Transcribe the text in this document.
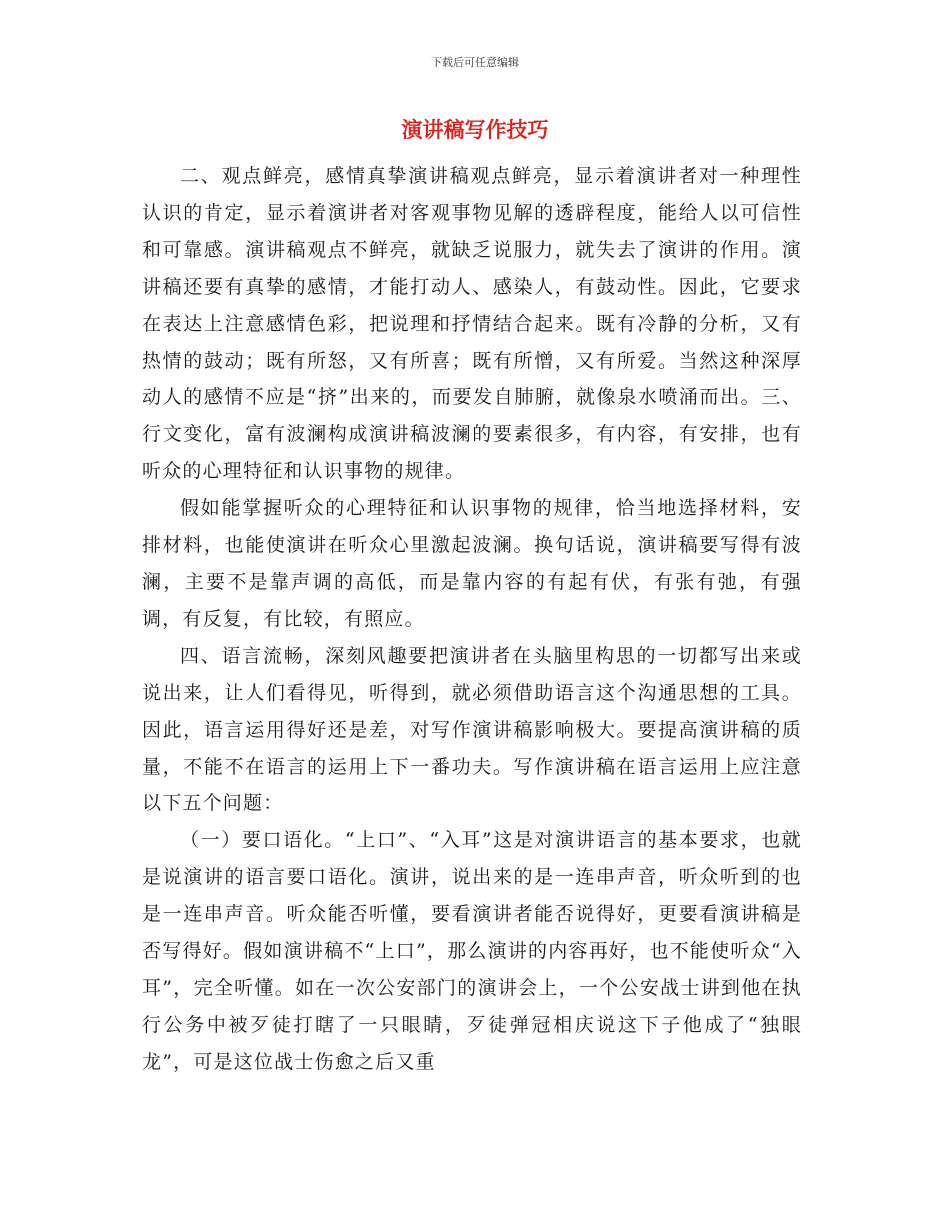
下载后可任意编辑
演讲稿写作技巧

二、观点鲜亮，感情真挚演讲稿观点鲜亮，显示着演讲者对一种理性认识的肯定，显示着演讲者对客观事物见解的透辟程度，能给人以可信性和可靠感。演讲稿观点不鲜亮，就缺乏说服力，就失去了演讲的作用。演讲稿还要有真挚的感情，才能打动人、感染人，有鼓动性。因此，它要求在表达上注意感情色彩，把说理和抒情结合起来。既有冷静的分析，又有热情的鼓动；既有所怒，又有所喜；既有所憎，又有所爱。当然这种深厚动人的感情不应是“挤”出来的，而要发自肺腑，就像泉水喷涌而出。三、行文变化，富有波澜构成演讲稿波澜的要素很多，有内容，有安排，也有听众的心理特征和认识事物的规律。

假如能掌握听众的心理特征和认识事物的规律，恰当地选择材料，安排材料，也能使演讲在听众心里激起波澜。换句话说，演讲稿要写得有波澜，主要不是靠声调的高低，而是靠内容的有起有伏，有张有弛，有强调，有反复，有比较，有照应。

四、语言流畅，深刻风趣要把演讲者在头脑里构思的一切都写出来或说出来，让人们看得见，听得到，就必须借助语言这个沟通思想的工具。因此，语言运用得好还是差，对写作演讲稿影响极大。要提高演讲稿的质量，不能不在语言的运用上下一番功夫。写作演讲稿在语言运用上应注意以下五个问题：

（一）要口语化。“上口”、“入耳”这是对演讲语言的基本要求，也就是说演讲的语言要口语化。演讲，说出来的是一连串声音，听众听到的也是一连串声音。听众能否听懂，要看演讲者能否说得好，更要看演讲稿是否写得好。假如演讲稿不“上口”，那么演讲的内容再好，也不能使听众“入耳”，完全听懂。如在一次公安部门的演讲会上，一个公安战士讲到他在执行公务中被歹徒打瞎了一只眼睛，歹徒弹冠相庆说这下子他成了“独眼龙”，可是这位战士伤愈之后又重
